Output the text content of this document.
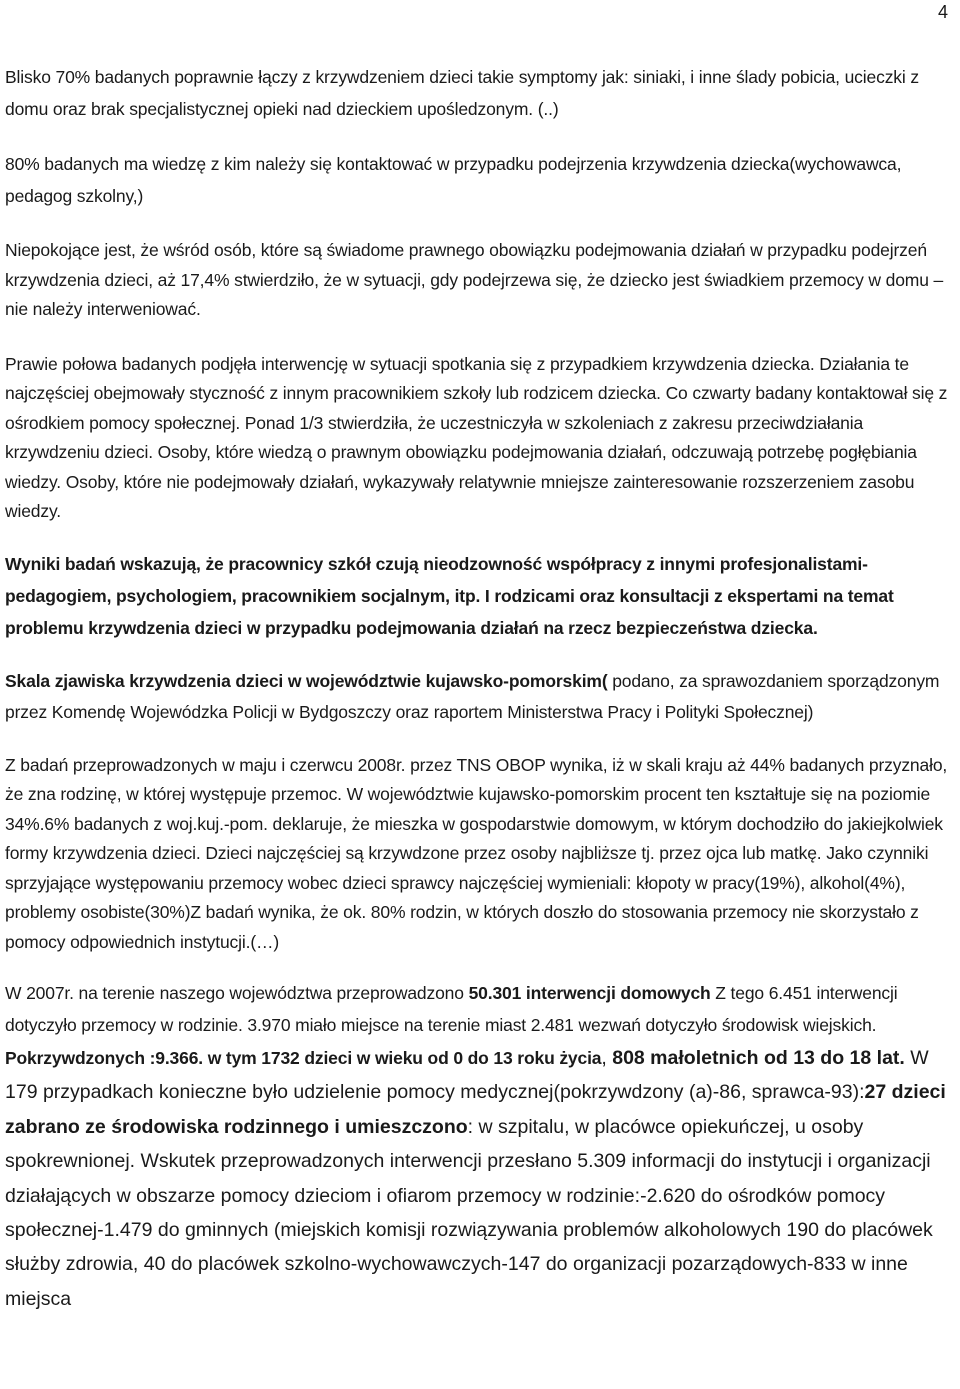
4

Blisko 70% badanych poprawnie łączy z krzywdzeniem dzieci takie symptomy jak: siniaki, i inne ślady pobicia, ucieczki z domu oraz brak specjalistycznej opieki nad dzieckiem upośledzonym. (..)

80% badanych ma wiedzę z kim należy się kontaktować w przypadku podejrzenia krzywdzenia dziecka(wychowawca, pedagog szkolny,)

Niepokojące jest, że wśród osób, które są świadome prawnego obowiązku podejmowania działań w przypadku podejrzeń krzywdzenia dzieci, aż 17,4% stwierdziło, że w sytuacji, gdy podejrzewa się, że dziecko jest świadkiem przemocy w domu – nie należy interweniować.

Prawie połowa badanych podjęła interwencję w sytuacji spotkania się z przypadkiem krzywdzenia dziecka. Działania te najczęściej obejmowały styczność z innym pracownikiem szkoły lub rodzicem dziecka. Co czwarty badany kontaktował się z ośrodkiem pomocy społecznej. Ponad 1/3 stwierdziła, że uczestniczyła w szkoleniach z zakresu przeciwdziałania krzywdzeniu dzieci. Osoby, które wiedzą o prawnym obowiązku podejmowania działań, odczuwają potrzebę pogłębiania wiedzy. Osoby, które nie podejmowały działań, wykazywały relatywnie mniejsze zainteresowanie rozszerzeniem zasobu wiedzy.

Wyniki badań wskazują, że pracownicy szkół czują nieodzowność współpracy z innymi profesjonalistami-pedagogiem, psychologiem, pracownikiem socjalnym, itp. I rodzicami oraz konsultacji z ekspertami na temat problemu krzywdzenia dzieci w przypadku podejmowania działań na rzecz bezpieczeństwa dziecka.

Skala zjawiska krzywdzenia dzieci w województwie kujawsko-pomorskim( podano, za sprawozdaniem sporządzonym przez Komendę Wojewódzka Policji w Bydgoszczy oraz raportem Ministerstwa Pracy i Polityki Społecznej)

Z badań przeprowadzonych w maju i czerwcu 2008r. przez TNS OBOP wynika, iż w skali kraju aż 44% badanych przyznało, że zna rodzinę, w której występuje przemoc. W województwie kujawsko-pomorskim procent ten kształtuje się na poziomie 34%.6% badanych z woj.kuj.-pom. deklaruje, że mieszka w gospodarstwie domowym, w którym dochodziło do jakiejkolwiek formy krzywdzenia dzieci. Dzieci najczęściej są krzywdzone przez osoby najbliższe tj. przez ojca lub matkę. Jako czynniki sprzyjające występowaniu przemocy wobec dzieci sprawcy najczęściej wymieniali: kłopoty w pracy(19%), alkohol(4%), problemy osobiste(30%)Z badań wynika, że ok. 80% rodzin, w których doszło do stosowania przemocy nie skorzystało z pomocy odpowiednich instytucji.(…)

W 2007r. na terenie naszego województwa przeprowadzono 50.301 interwencji domowych Z tego 6.451 interwencji dotyczyło przemocy w rodzinie. 3.970 miało miejsce na terenie miast 2.481 wezwań dotyczyło środowisk wiejskich. Pokrzywdzonych :9.366. w tym 1732 dzieci w wieku od 0 do 13 roku życia, 808 małoletnich od 13 do 18 lat. W 179 przypadkach konieczne było udzielenie pomocy medycznej(pokrzywdzony (a)-86, sprawca-93):27 dzieci zabrano ze środowiska rodzinnego i umieszczono: w szpitalu, w placówce opiekuńczej, u osoby spokrewnionej. Wskutek przeprowadzonych interwencji przesłano 5.309 informacji do instytucji i organizacji działających w obszarze pomocy dzieciom i ofiarom przemocy w rodzinie:-2.620 do ośrodków pomocy społecznej-1.479 do gminnych (miejskich komisji rozwiązywania problemów alkoholowych 190 do placówek służby zdrowia, 40 do placówek szkolno-wychowawczych-147 do organizacji pozarządowych-833 w inne miejsca
